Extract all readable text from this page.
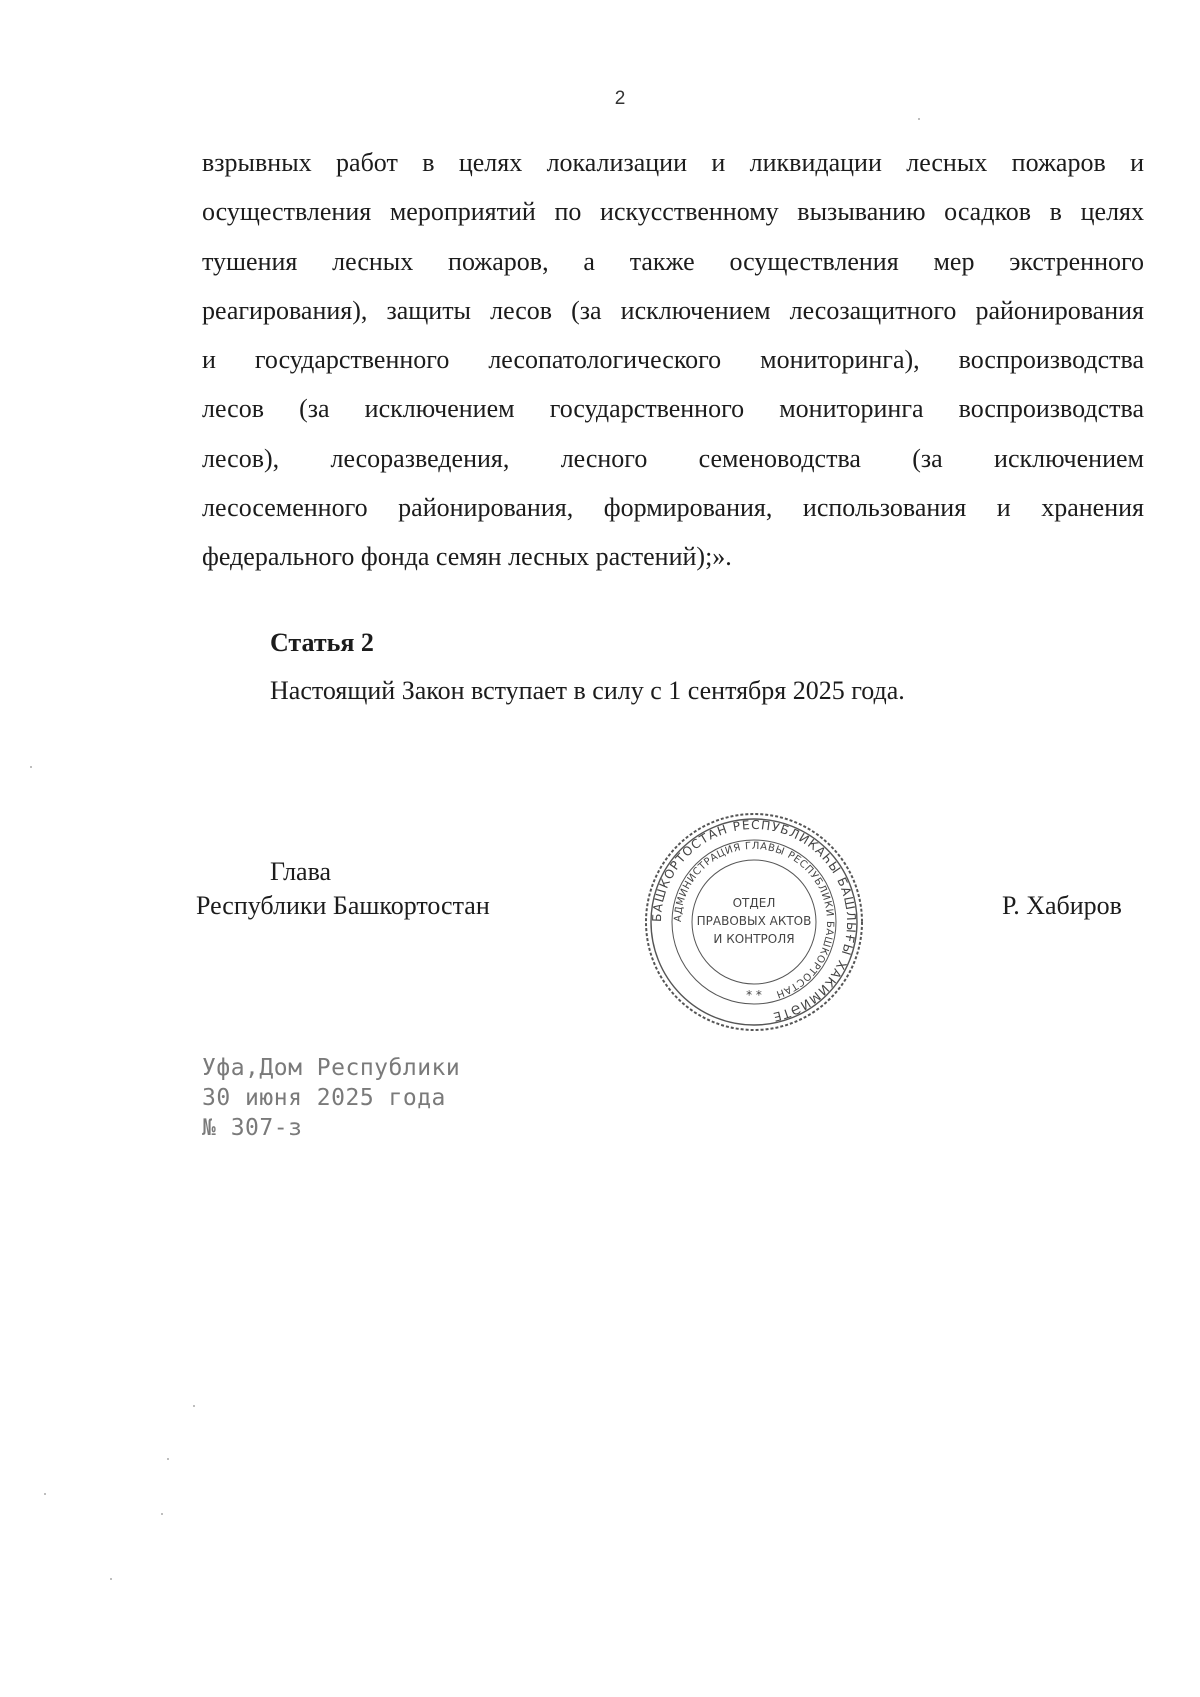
2
взрывных работ в целях локализации и ликвидации лесных пожаров и
осуществления мероприятий по искусственному вызыванию осадков в целях
тушения лесных пожаров, а также осуществления мер экстренного
реагирования), защиты лесов (за исключением лесозащитного районирования
и государственного лесопатологического мониторинга), воспроизводства
лесов (за исключением государственного мониторинга воспроизводства
лесов), лесоразведения, лесного семеноводства (за исключением
лесосеменного районирования, формирования, использования и хранения
федерального фонда семян лесных растений);».
Статья 2
Настоящий Закон вступает в силу с 1 сентября 2025 года.
Глава
Республики Башкортостан	Р. Хабиров
БАШКОРТОСТАН РЕСПУБЛИКАҺЫ БАШЛЫҒЫ ХАКИМИӘТЕ
АДМИНИСТРАЦИЯ ГЛАВЫ РЕСПУБЛИКИ БАШКОРТОСТАН
ОТДЕЛ
ПРАВОВЫХ АКТОВ
И КОНТРОЛЯ
* *
Уфа,Дом Республики
30 июня 2025 года
№ 307-з
